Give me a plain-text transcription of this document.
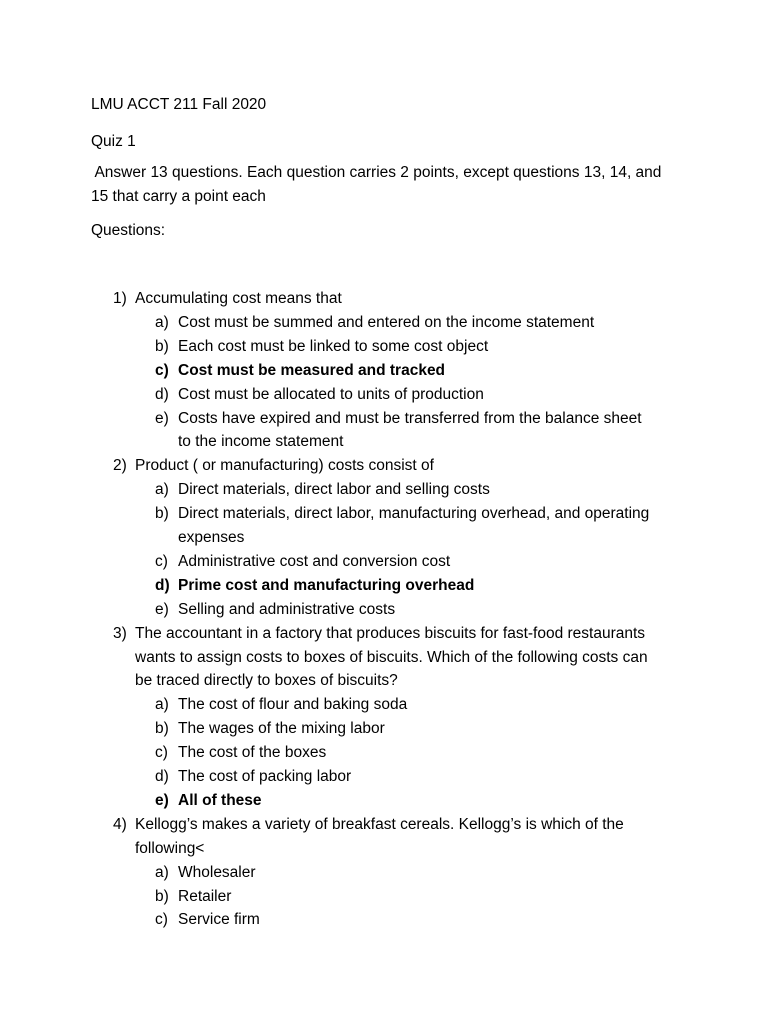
LMU ACCT 211 Fall 2020
Quiz 1
Answer 13 questions. Each question carries 2 points, except questions 13, 14, and
15 that carry a point each
Questions:
1) Accumulating cost means that
a) Cost must be summed and entered on the income statement
b) Each cost must be linked to some cost object
c) Cost must be measured and tracked
d) Cost must be allocated to units of production
e) Costs have expired and must be transferred from the balance sheet
to the income statement
2) Product ( or manufacturing) costs consist of
a) Direct materials, direct labor and selling costs
b) Direct materials, direct labor, manufacturing overhead, and operating
expenses
c) Administrative cost and conversion cost
d) Prime cost and manufacturing overhead
e) Selling and administrative costs
3) The accountant in a factory that produces biscuits for fast-food restaurants
wants to assign costs to boxes of biscuits. Which of the following costs can
be traced directly to boxes of biscuits?
a) The cost of flour and baking soda
b) The wages of the mixing labor
c) The cost of the boxes
d) The cost of packing labor
e) All of these
4) Kellogg’s makes a variety of breakfast cereals. Kellogg’s is which of the
following<
a) Wholesaler
b) Retailer
c) Service firm
